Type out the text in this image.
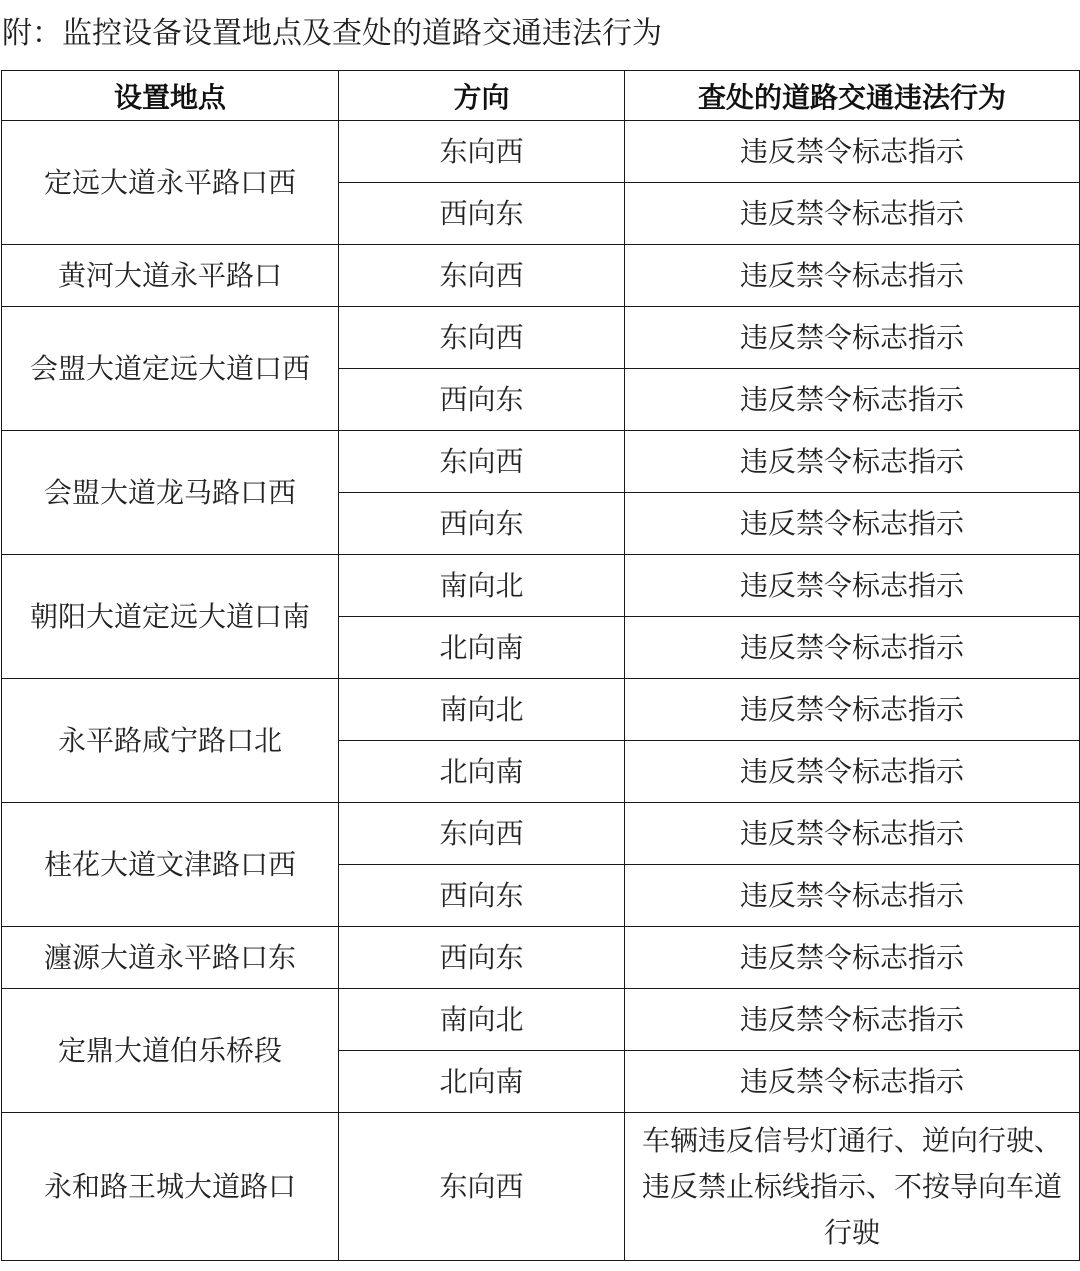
附：监控设备设置地点及查处的道路交通违法行为
设置地点	方向	查处的道路交通违法行为
定远大道永平路口西	东向西	违反禁令标志指示
	西向东	违反禁令标志指示
黄河大道永平路口	东向西	违反禁令标志指示
会盟大道定远大道口西	东向西	违反禁令标志指示
	西向东	违反禁令标志指示
会盟大道龙马路口西	东向西	违反禁令标志指示
	西向东	违反禁令标志指示
朝阳大道定远大道口南	南向北	违反禁令标志指示
	北向南	违反禁令标志指示
永平路咸宁路口北	南向北	违反禁令标志指示
	北向南	违反禁令标志指示
桂花大道文津路口西	东向西	违反禁令标志指示
	西向东	违反禁令标志指示
瀍源大道永平路口东	西向东	违反禁令标志指示
定鼎大道伯乐桥段	南向北	违反禁令标志指示
	北向南	违反禁令标志指示
永和路王城大道路口	东向西	车辆违反信号灯通行、逆向行驶、违反禁止标线指示、不按导向车道行驶
